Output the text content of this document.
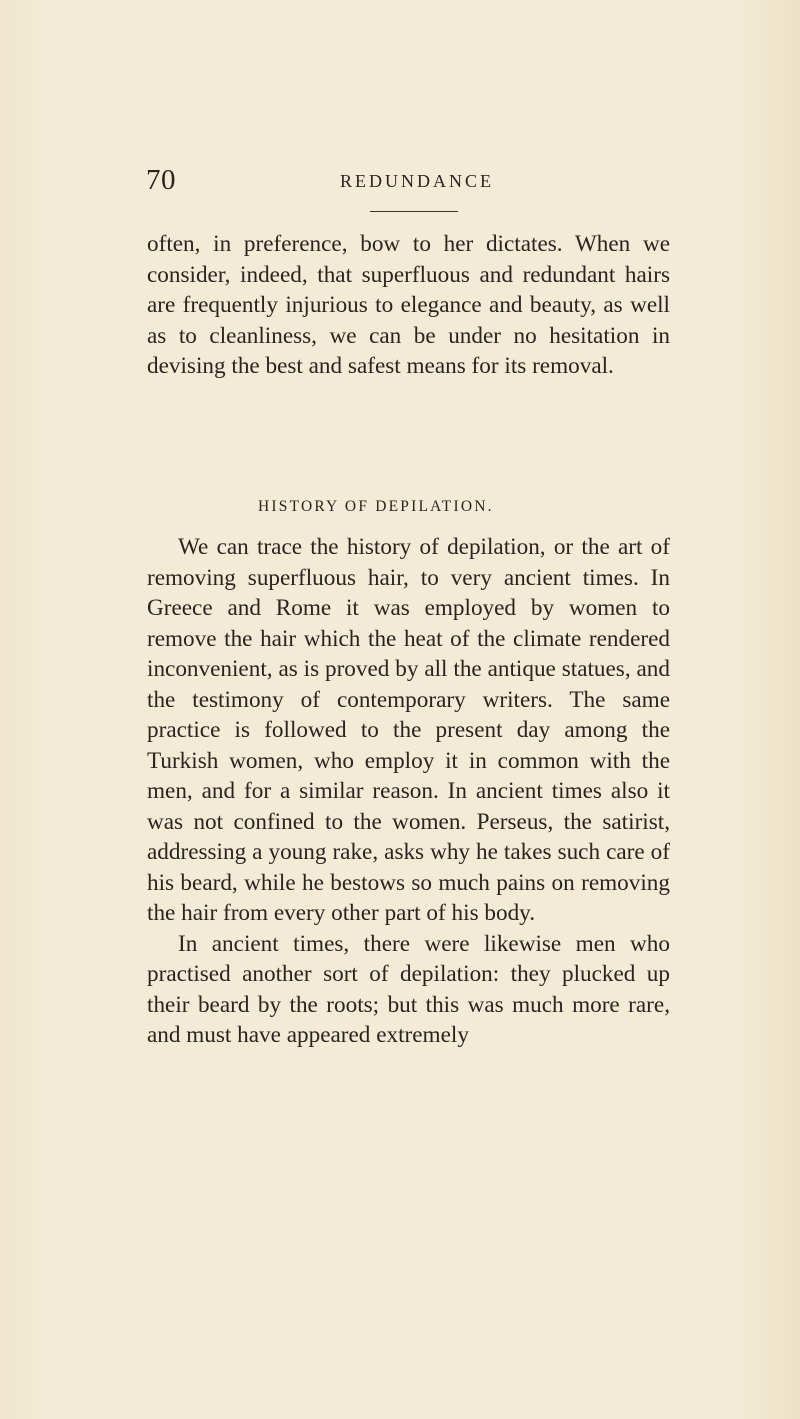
70	REDUNDANCE

often, in preference, bow to her dictates. When we consider, indeed, that superfluous and redundant hairs are frequently injurious to elegance and beauty, as well as to cleanliness, we can be under no hesitation in devising the best and safest means for its removal.

HISTORY OF DEPILATION.

We can trace the history of depilation, or the art of removing superfluous hair, to very ancient times. In Greece and Rome it was employed by women to remove the hair which the heat of the climate rendered inconvenient, as is proved by all the antique statues, and the testimony of contemporary writers. The same practice is followed to the present day among the Turkish women, who employ it in common with the men, and for a similar reason. In ancient times also it was not confined to the women. Perseus, the satirist, addressing a young rake, asks why he takes such care of his beard, while he bestows so much pains on removing the hair from every other part of his body.

In ancient times, there were likewise men who practised another sort of depilation: they plucked up their beard by the roots; but this was much more rare, and must have appeared extremely
